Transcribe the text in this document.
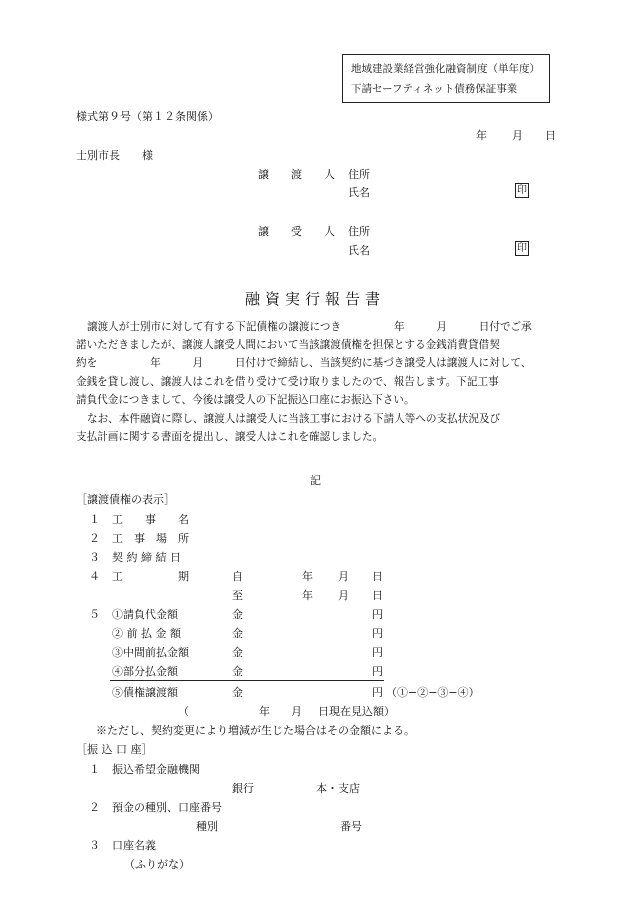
地域建設業経営強化融資制度（単年度）
下請セーフティネット債務保証事業
様式第９号（第１２条関係）
年 月 日
士別市長　　様
譲　　渡　　人 住所
氏名	印
譲　　受　　人 住所
氏名	印
融資実行報告書
譲渡人が士別市に対して有する下記債権の譲渡につき　　　　　年　　　月　　　日付でご承
諾いただきましたが、譲渡人譲受人間において当該譲渡債権を担保とする金銭消費貸借契
約を　　　　　年　　　月　　　日付けで締結し、当該契約に基づき譲受人は譲渡人に対して、
金銭を貸し渡し、譲渡人はこれを借り受けて受け取りましたので、報告します。下記工事
請負代金につきまして、今後は譲受人の下記振込口座にお振込下さい。
なお、本件融資に際し、譲渡人は譲受人に当該工事における下請人等への支払状況及び
支払計画に関する書面を提出し、譲受人はこれを確認しました。
記
［譲渡債権の表示］
１ 工　　事　　名
２ 工　事　場　所
３ 契 約 締 結 日
４ 工　　　　　期	自	年 月 日
至	年 月 日
５ ①請負代金額	金	円
② 前 払 金 額	金	円
③中間前払金額	金	円
④部分払金額	金	円
⑤債権譲渡額	金	円 （①−②−③−④）
（	年 月 日現在見込額）
※ただし、契約変更により増減が生じた場合はその金額による。
［振 込 口 座］
１ 振込希望金融機関
銀行	本・支店
２ 預金の種別、口座番号
種別	番号
３ 口座名義
（ふりがな）
